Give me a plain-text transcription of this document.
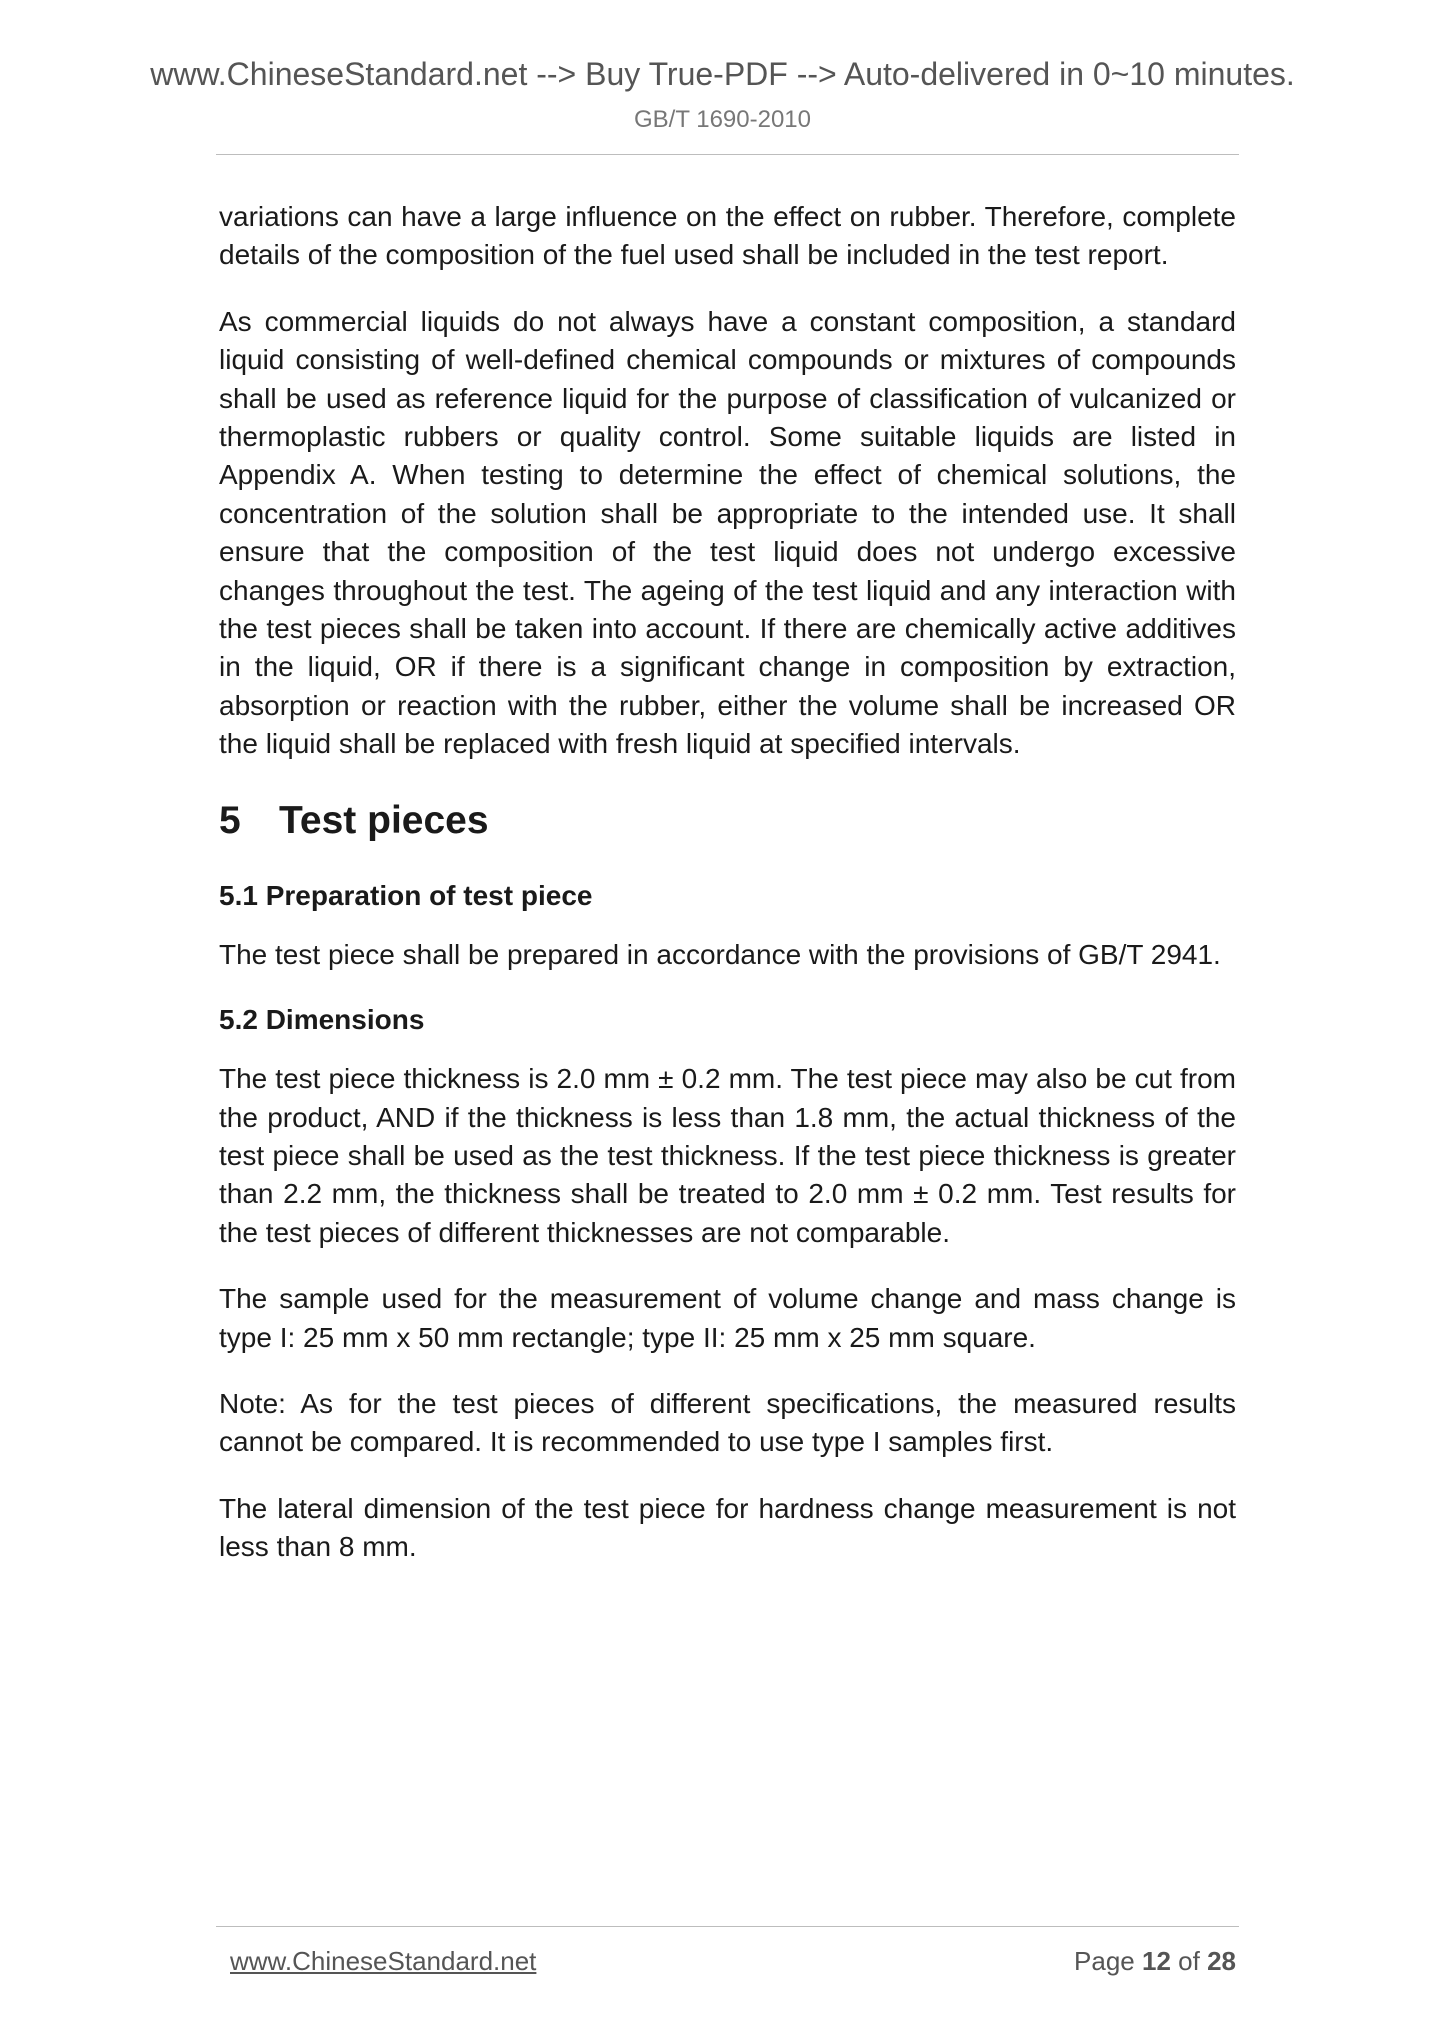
www.ChineseStandard.net --> Buy True-PDF --> Auto-delivered in 0~10 minutes.
GB/T 1690-2010

variations can have a large influence on the effect on rubber. Therefore, complete details of the composition of the fuel used shall be included in the test report.

As commercial liquids do not always have a constant composition, a standard liquid consisting of well-defined chemical compounds or mixtures of compounds shall be used as reference liquid for the purpose of classification of vulcanized or thermoplastic rubbers or quality control. Some suitable liquids are listed in Appendix A. When testing to determine the effect of chemical solutions, the concentration of the solution shall be appropriate to the intended use. It shall ensure that the composition of the test liquid does not undergo excessive changes throughout the test. The ageing of the test liquid and any interaction with the test pieces shall be taken into account. If there are chemically active additives in the liquid, OR if there is a significant change in composition by extraction, absorption or reaction with the rubber, either the volume shall be increased OR the liquid shall be replaced with fresh liquid at specified intervals.

5 Test pieces
5.1 Preparation of test piece

The test piece shall be prepared in accordance with the provisions of GB/T 2941.

5.2 Dimensions

The test piece thickness is 2.0 mm ± 0.2 mm. The test piece may also be cut from the product, AND if the thickness is less than 1.8 mm, the actual thickness of the test piece shall be used as the test thickness. If the test piece thickness is greater than 2.2 mm, the thickness shall be treated to 2.0 mm ± 0.2 mm. Test results for the test pieces of different thicknesses are not comparable.

The sample used for the measurement of volume change and mass change is type I: 25 mm x 50 mm rectangle; type II: 25 mm x 25 mm square.

Note: As for the test pieces of different specifications, the measured results cannot be compared. It is recommended to use type I samples first.

The lateral dimension of the test piece for hardness change measurement is not less than 8 mm.

www.ChineseStandard.net	Page 12 of 28
